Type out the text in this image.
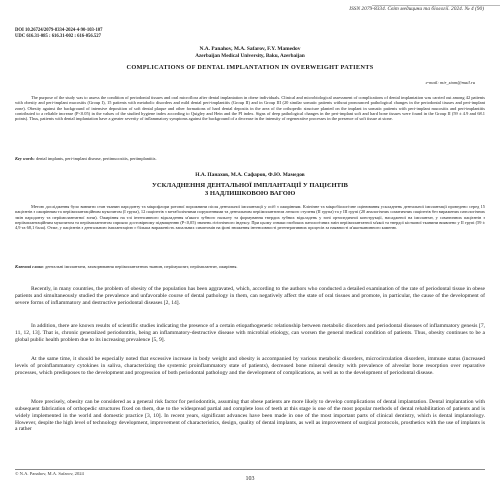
ISSN 2079-8334. Світ медицини та біології. 2024. № 4 (90)
DOI 10.26724/2079-8334-2024-4-90-103-107
UDC 616.31-085 : 616.31-002 : 616-056.527
N.A. Panahov, M.A. Safarov, F.Y. Mamedov
Azerbaijan Medical University, Baku, Azerbaijan
COMPLICATIONS OF DENTAL IMPLANTATION IN OVERWEIGHT PATIENTS
e-mail: mir_stom@mail.ru

The purpose of the study was to assess the condition of periodontal tissues and oral microflora after dental implantation in obese individuals. Clinical and microbiological assessment of complications of dental implantation was carried out among 42 patients with obesity and peri-implant mucositis (Group I), 15 patients with metabolic disorders and mild dental peri-implantitis (Group II) and in Group III (20 similar somatic patients without pronounced pathological changes in the periodontal tissues and peri-implant zone). Obesity against the background of intensive deposition of soft dental plaque and other formations of hard dental deposits in the area of the orthopedic structure planted on the implant in somatic patients with peri-implant mucositis and peri-implantitis contributed to a reliable increase (P<0.05) in the values of the studied hygiene index according to Quigley and Hein and the PI index. Signs of deep pathological changes in the peri-implant soft and hard bone tissues were found in the Group II (59 ± 4.9 and 68.1 points). Thus, patients with dental implantation have a greater severity of inflammatory symptoms against the background of a decrease in the intensity of regenerative processes in the presence of soft tissue at stone.

Key words: dental implants, peri-implant disease, periimucositis, periimplantitis.

Н.А. Панахов, М.А. Сафаров, Ф.Ю. Мамедов
УСКЛАДНЕННЯ ДЕНТАЛЬНОЇ ІМПЛАНТАЦІЇ У ПАЦІЄНТІВ
З НАДЛИШКОВОЮ ВАГОЮ

Метою дослідження було вивчити стан тканин пародонту та мікрофлори ротової порожнини після дентальної імплантації у осіб з ожирінням. Клінічне та мікробіологічне оцінювання ускладнень дентальної імплантації проведено серед 15 пацієнтів з ожирінням та періімплантаційним мукозитом (І група), 12 пацієнтів з метаболічними порушеннями та дентальним періімплантитом легкого ступеня (ІІ група) та у ІІІ групі (20 аналогічних соматичних пацієнтів без виражених патологічних змін пародонту та періімплантатної зони). Ожиріння на тлі інтенсивного відкладення м'якого зубного нальоту та формування твердих зубних відкладень у зоні ортопедичної конструкції, насадженої на імплантат, у соматичних пацієнтів з періімплантаційним мукозитом та періімплантитом сприяло достовірному підвищенню (Р<0,05) значень гігієнічного індексу. При цьому ознаки глибоких патологічних змін періімплантатної м'якої та твердої кісткової тканини виявлено у ІІ групі (59 ± 4,9 та 68,1 бала). Отже, у пацієнтів з дентальною імплантацією є більша вираженість запальних симптомів на фоні зниження інтенсивності регенеративних процесів за наявності м'якотканинного каменю.

Ключові слова: дентальні імплантати, захворювання періімплантатних тканин, періімукозит, періімплантит, ожиріння.

Recently, in many countries, the problem of obesity of the population has been aggravated, which, according to the authors who conducted a detailed examination of the rate of periodontal tissue in obese patients and simultaneously studied the prevalence and unfavorable course of dental pathology in them, can negatively affect the state of oral tissues and promote, in particular, the cause of the development of severe forms of inflammatory and destructive periodontal diseases [2, 14].

In addition, there are known results of scientific studies indicating the presence of a certain etiopathogenetic relationship between metabolic disorders and periodontal diseases of inflammatory genesis [7, 11, 12, 13]. That is, chronic generalized periodontitis, being an inflammatory-destructive disease with microbial etiology, can worsen the general medical condition of patients. Thus, obesity continues to be a global public health problem due to its increasing prevalence [5, 9].

At the same time, it should be especially noted that excessive increase in body weight and obesity is accompanied by various metabolic disorders, microcirculation disorders, immune status (increased levels of proinflammatory cytokines in saliva, characterizing the systemic proinflammatory state of patients), decreased bone mineral density with prevalence of alveolar bone resorption over reparative processes, which predisposes to the development and progression of both periodontal pathology and the development of complications, as well as to the development of periodontal disease.

More precisely, obesity can be considered as a general risk factor for periodontitis, assuming that obese patients are more likely to develop complications of dental implantation. Dental implantation with subsequent fabrication of orthopedic structures fixed on them, due to the widespread partial and complete loss of teeth at this stage is one of the most popular methods of dental rehabilitation of patients and is widely implemented in the world and domestic practice [3, 10]. In recent years, significant advances have been made in one of the most important parts of clinical dentistry, which is dental implantology. However, despite the high level of technology development, improvement of characteristics, design, quality of dental implants, as well as improvement of surgical protocols, prosthetics with the use of implants is a rather

© N.A. Panahov, M.A. Safarov, 2024
103
